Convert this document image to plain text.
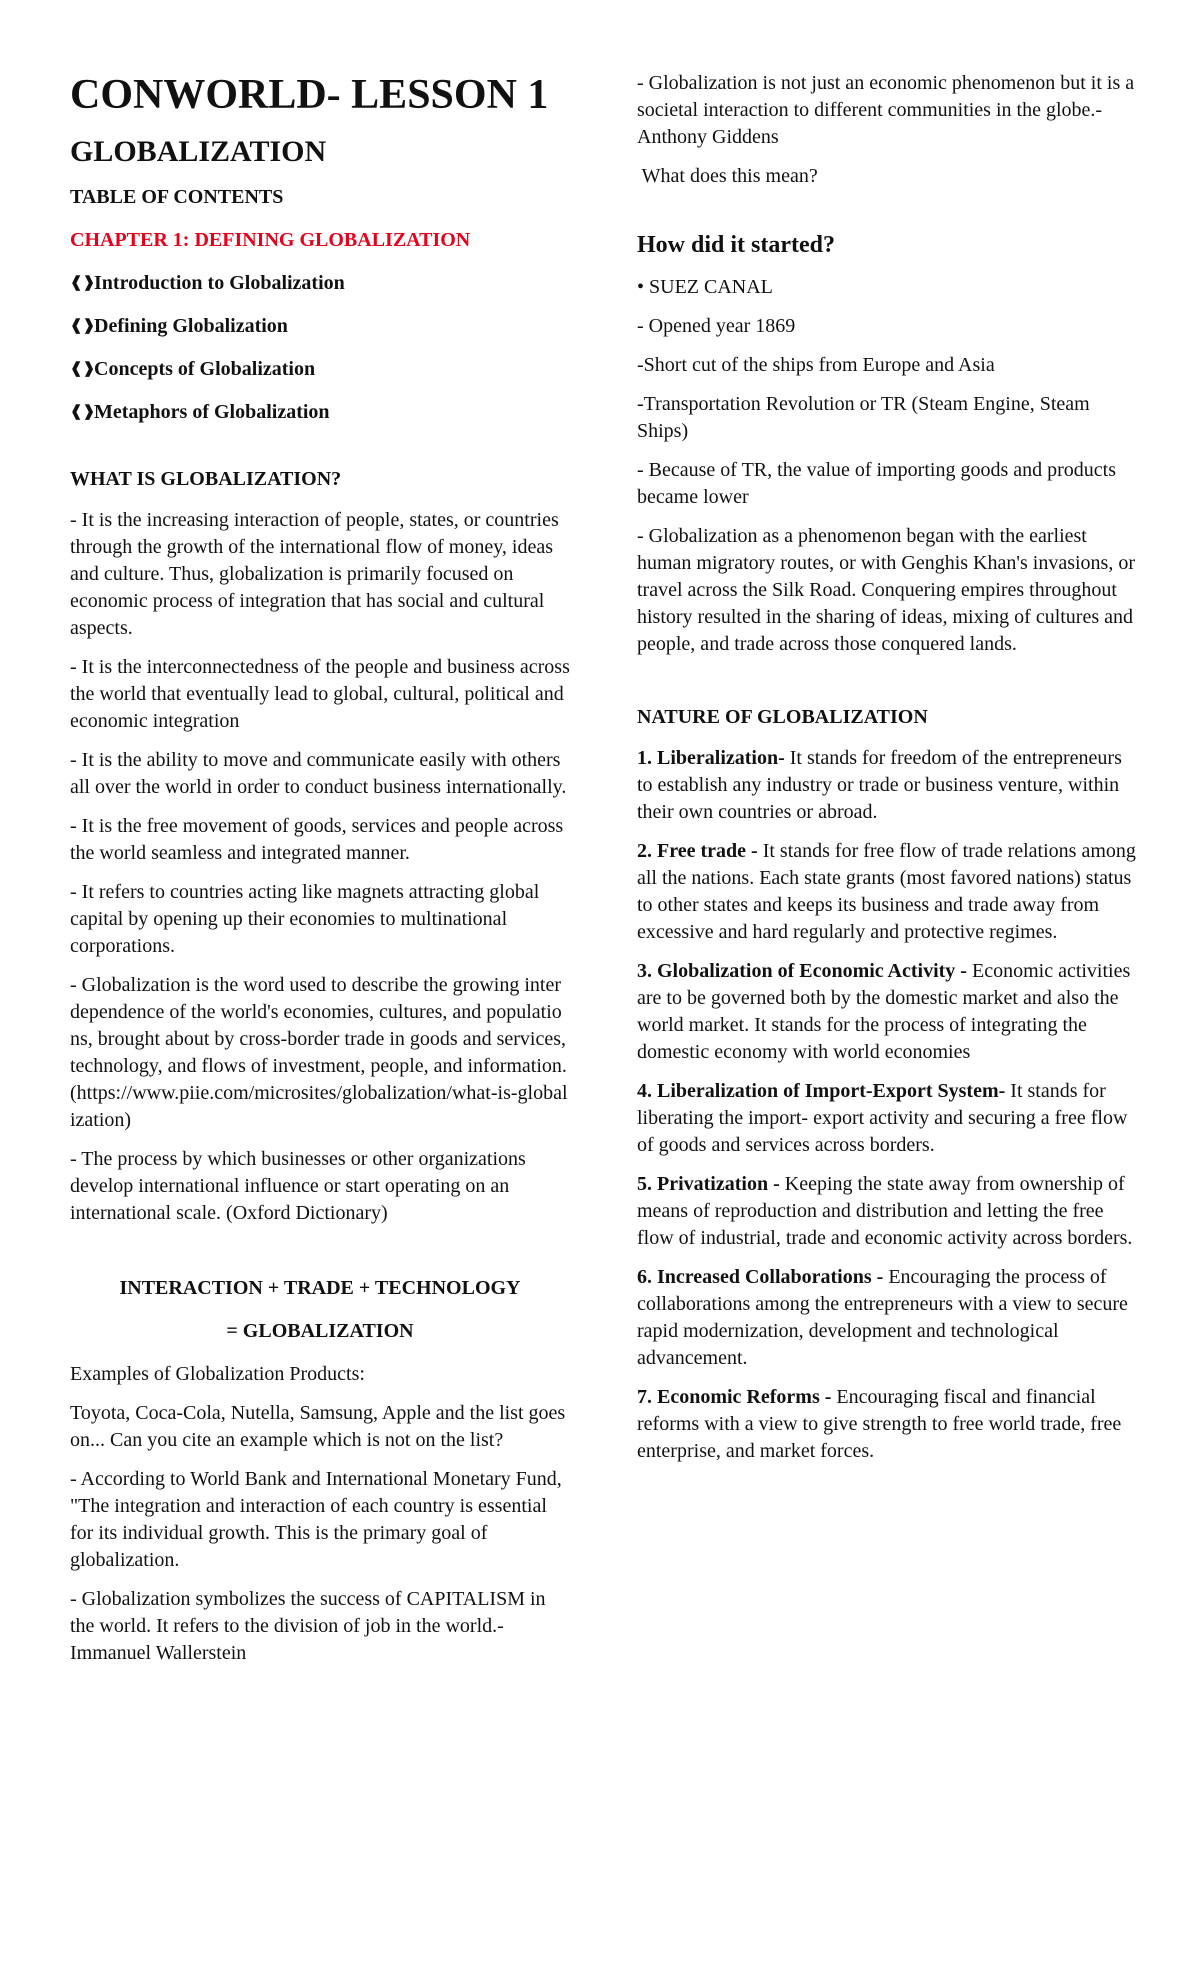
CONWORLD- LESSON 1

GLOBALIZATION

TABLE OF CONTENTS

CHAPTER 1: DEFINING GLOBALIZATION

❰❱
Introduction to Globalization

❰❱
Defining Globalization

❰❱
Concepts of Globalization

❰❱
Metaphors of Globalization

WHAT IS GLOBALIZATION?

- It is the increasing interaction of people, states, or countries through the growth of the international flow of money, ideas and culture. Thus, globalization is primarily focused on economic process of integration that has social and cultural aspects.

- It is the interconnectedness of the people and business across the world that eventually lead to global, cultural, political and economic integration

- It is the ability to move and communicate easily with others all over the world in order to conduct business internationally.

- It is the free movement of goods, services and people across the world seamless and integrated manner.

- It refers to countries acting like magnets attracting global capital by opening up their economies to multinational corporations.

- Globalization is the word used to describe the growing interdependence of the world's economies, cultures, and populations, brought about by cross-border trade in goods and services, technology, and flows of investment, people, and information. (https://www.piie.com/microsites/globalization/what-is-globalization)

- The process by which businesses or other organizations develop international influence or start operating on an international scale. (Oxford Dictionary)

INTERACTION + TRADE + TECHNOLOGY

= GLOBALIZATION

Examples of Globalization Products:

Toyota, Coca-Cola, Nutella, Samsung, Apple and the list goes on... Can you cite an example which is not on the list?

- According to World Bank and International Monetary Fund, "The integration and interaction of each country is essential for its individual growth. This is the primary goal of globalization.

- Globalization symbolizes the success of CAPITALISM in the world. It refers to the division of job in the world.-Immanuel Wallerstein

- Globalization is not just an economic phenomenon but it is a societal interaction to different communities in the globe.- Anthony Giddens

What does this mean?

How did it started?

• SUEZ CANAL

- Opened year 1869

-Short cut of the ships from Europe and Asia

-Transportation Revolution or TR (Steam Engine, Steam Ships)

- Because of TR, the value of importing goods and products became lower

- Globalization as a phenomenon began with the earliest human migratory routes, or with Genghis Khan's invasions, or travel across the Silk Road. Conquering empires throughout history resulted in the sharing of ideas, mixing of cultures and people, and trade across those conquered lands.

NATURE OF GLOBALIZATION

1. Liberalization- It stands for freedom of the entrepreneurs to establish any industry or trade or business venture, within their own countries or abroad.

2. Free trade - It stands for free flow of trade relations among all the nations. Each state grants (most favored nations) status to other states and keeps its business and trade away from excessive and hard regularly and protective regimes.

3. Globalization of Economic Activity - Economic activities are to be governed both by the domestic market and also the world market. It stands for the process of integrating the domestic economy with world economies

4. Liberalization of Import-Export System- It stands for liberating the import- export activity and securing a free flow of goods and services across borders.

5. Privatization - Keeping the state away from ownership of means of reproduction and distribution and letting the free flow of industrial, trade and economic activity across borders.

6. Increased Collaborations - Encouraging the process of collaborations among the entrepreneurs with a view to secure rapid modernization, development and technological advancement.

7. Economic Reforms - Encouraging fiscal and financial reforms with a view to give strength to free world trade, free enterprise, and market forces.
